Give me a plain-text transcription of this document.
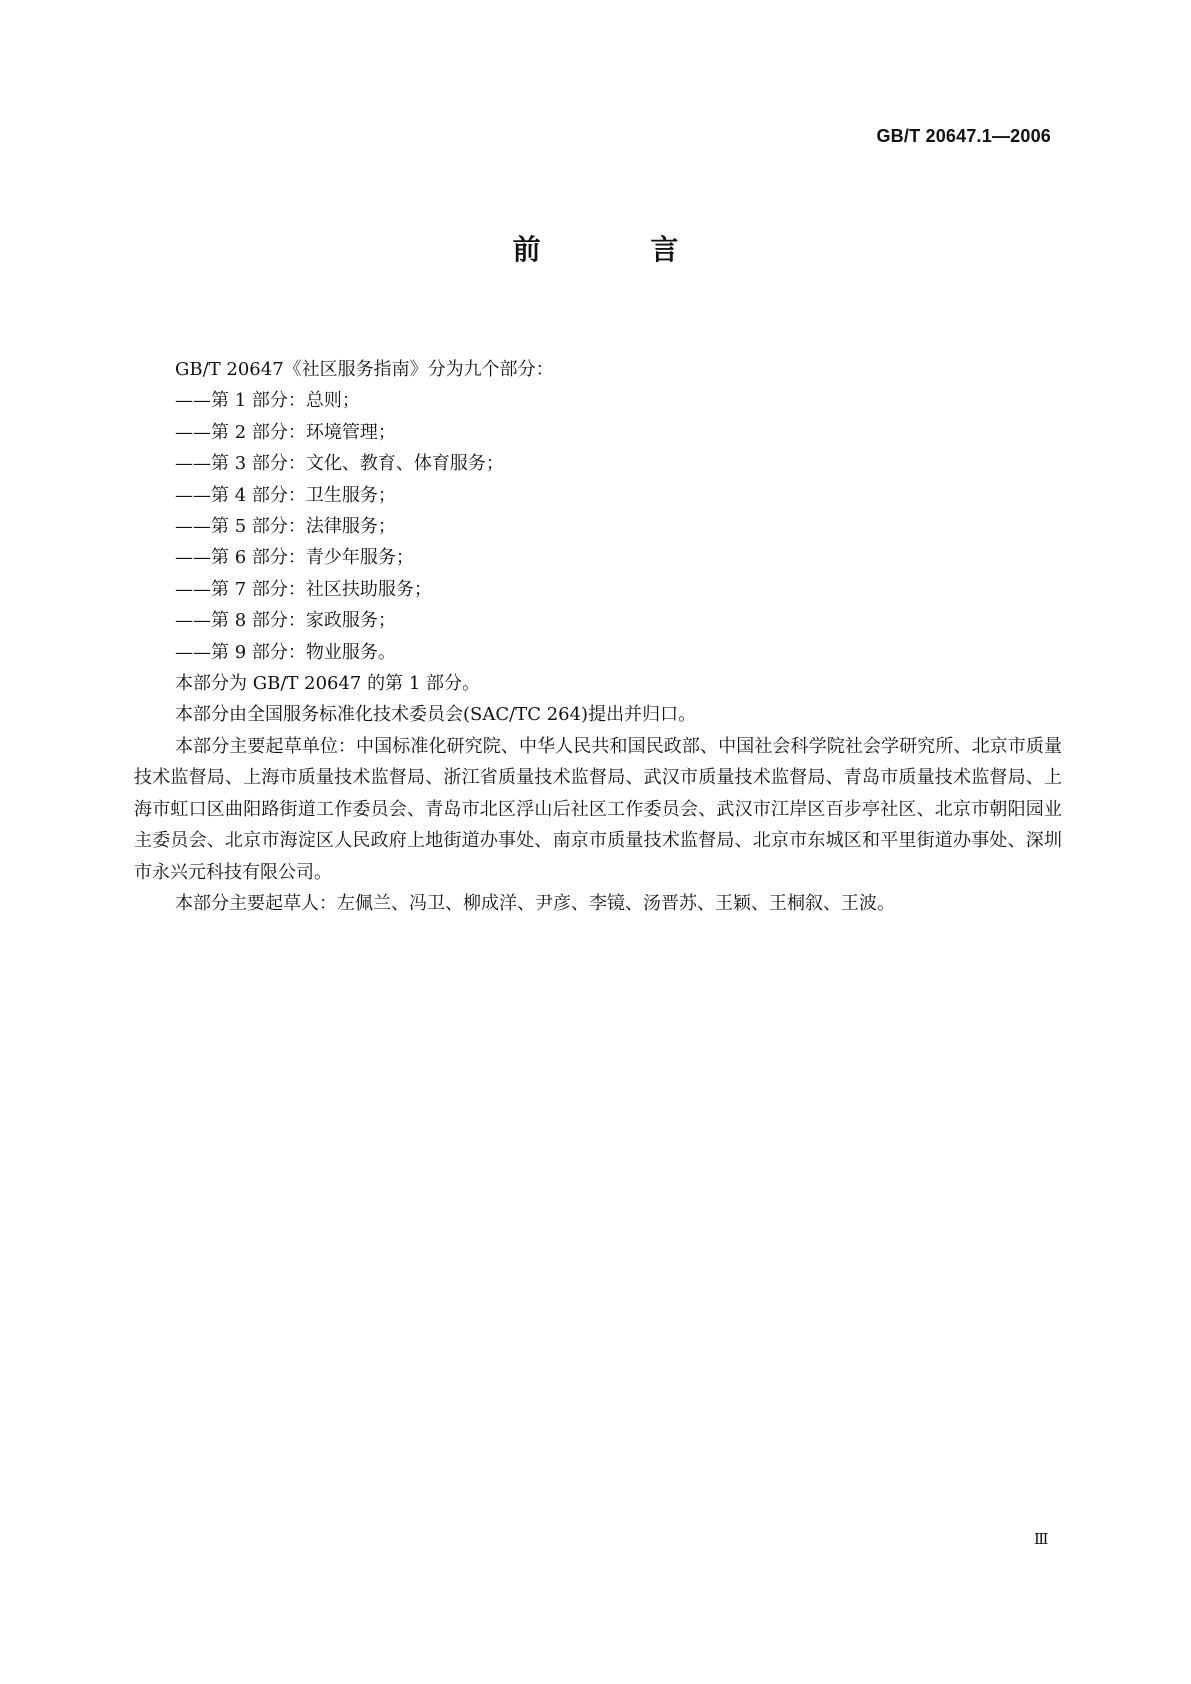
GB/T 20647.1—2006
前 言

GB/T 20647《社区服务指南》分为九个部分：

——第 1 部分：总则；
——第 2 部分：环境管理；
——第 3 部分：文化、教育、体育服务；
——第 4 部分：卫生服务；
——第 5 部分：法律服务；
——第 6 部分：青少年服务；
——第 7 部分：社区扶助服务；
——第 8 部分：家政服务；
——第 9 部分：物业服务。

本部分为 GB/T 20647 的第 1 部分。

本部分由全国服务标准化技术委员会(SAC/TC 264)提出并归口。

本部分主要起草单位：中国标准化研究院、中华人民共和国民政部、中国社会科学院社会学研究所、北京市质量技术监督局、上海市质量技术监督局、浙江省质量技术监督局、武汉市质量技术监督局、青岛市质量技术监督局、上海市虹口区曲阳路街道工作委员会、青岛市北区浮山后社区工作委员会、武汉市江岸区百步亭社区、北京市朝阳园业主委员会、北京市海淀区人民政府上地街道办事处、南京市质量技术监督局、北京市东城区和平里街道办事处、深圳市永兴元科技有限公司。

本部分主要起草人：左佩兰、冯卫、柳成洋、尹彦、李镜、汤晋苏、王颖、王桐叙、王波。

Ⅲ
